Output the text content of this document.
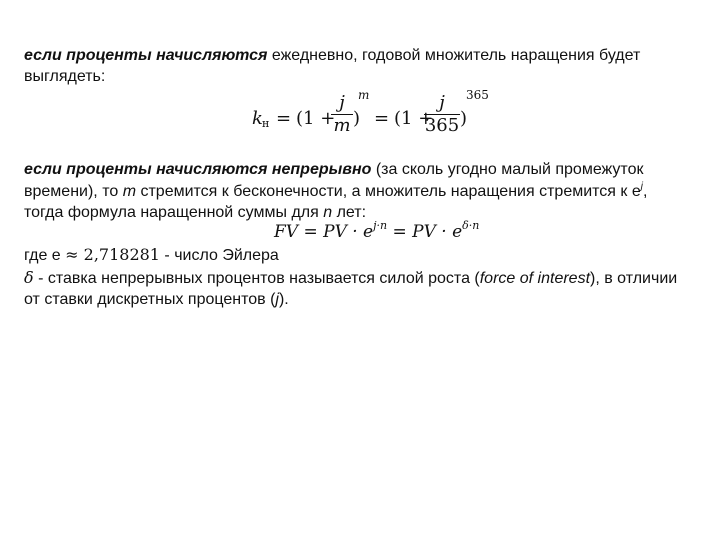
если проценты начисляются ежедневно, годовой множитель наращения будет
выглядеть:
k н = (1 +
j
m )
m
= (1 +
j
365 )
365
если проценты начисляются непрерывно (за сколь угодно малый промежуток
времени), то m стремится к бесконечности, а множитель наращения стремится к $e^j$,
тогда формула наращенной суммы для n лет:
FV = PV · $e^{j\cdot n}$ = PV · $e^{\delta\cdot n}$
где е ≈ 2,718281 - число Эйлера
δ - ставка непрерывных процентов называется силой роста (force of interest), в отличии
от ставки дискретных процентов (j).
